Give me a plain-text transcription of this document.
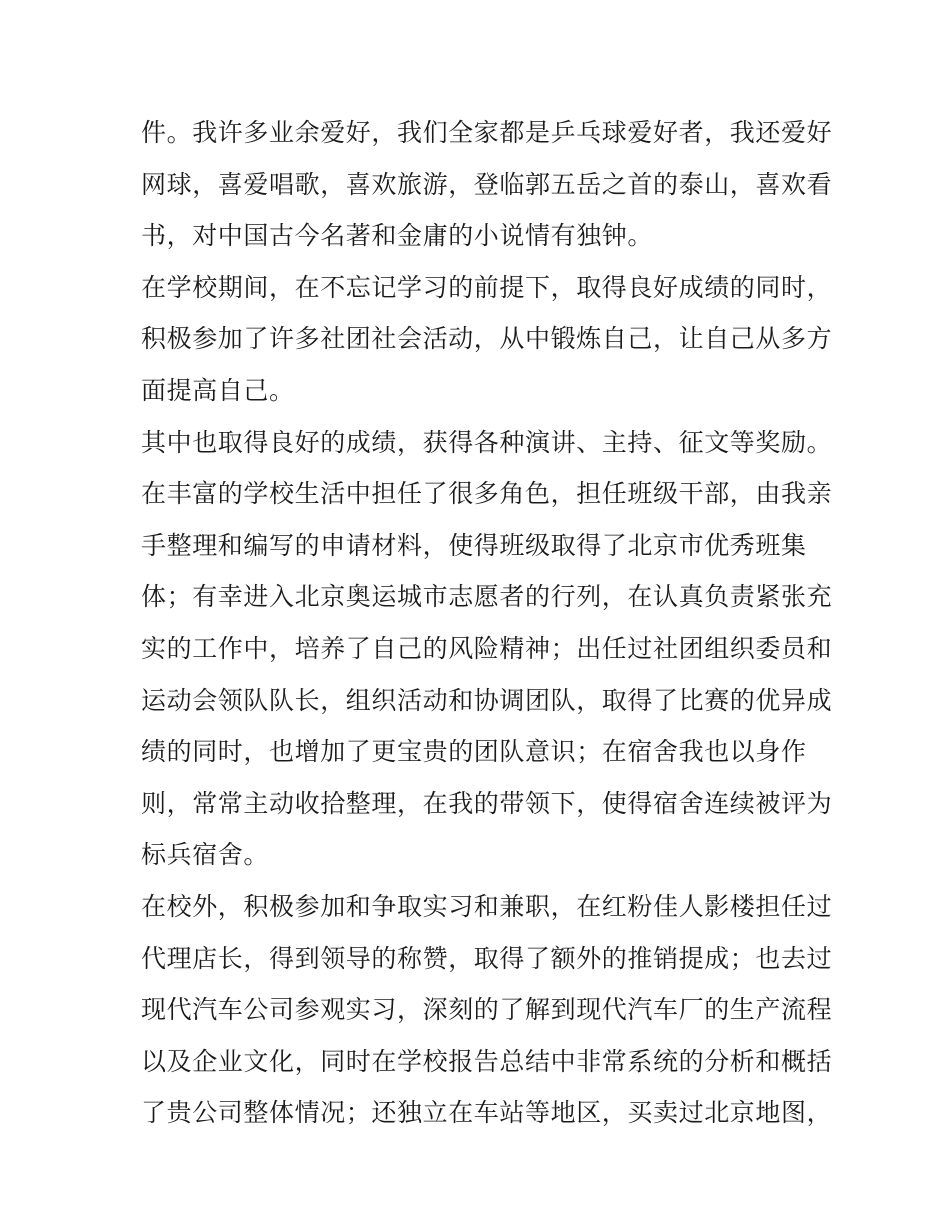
件。我许多业余爱好，我们全家都是乒乓球爱好者，我还爱好
网球，喜爱唱歌，喜欢旅游，登临郭五岳之首的泰山，喜欢看
书，对中国古今名著和金庸的小说情有独钟。
在学校期间，在不忘记学习的前提下，取得良好成绩的同时，
积极参加了许多社团社会活动，从中锻炼自己，让自己从多方
面提高自己。
其中也取得良好的成绩，获得各种演讲、主持、征文等奖励。
在丰富的学校生活中担任了很多角色，担任班级干部，由我亲
手整理和编写的申请材料，使得班级取得了北京市优秀班集
体；有幸进入北京奥运城市志愿者的行列，在认真负责紧张充
实的工作中，培养了自己的风险精神；出任过社团组织委员和
运动会领队队长，组织活动和协调团队，取得了比赛的优异成
绩的同时，也增加了更宝贵的团队意识；在宿舍我也以身作
则，常常主动收拾整理，在我的带领下，使得宿舍连续被评为
标兵宿舍。
在校外，积极参加和争取实习和兼职，在红粉佳人影楼担任过
代理店长，得到领导的称赞，取得了额外的推销提成；也去过
现代汽车公司参观实习，深刻的了解到现代汽车厂的生产流程
以及企业文化，同时在学校报告总结中非常系统的分析和概括
了贵公司整体情况；还独立在车站等地区，买卖过北京地图，
